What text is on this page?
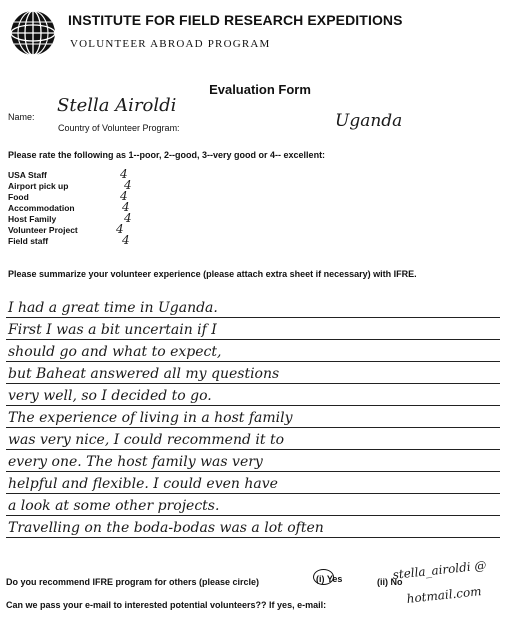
INSTITUTE FOR FIELD RESEARCH EXPEDITIONS
VOLUNTEER ABROAD PROGRAM
Evaluation Form
Name:
Stella Airoldi
Country of Volunteer Program:	Uganda
Please rate the following as 1--poor, 2--good, 3--very good or 4-- excellent:
USA Staff	4
Airport pick up	4
Food	4
Accommodation	4
Host Family	4
Volunteer Project	4
Field staff	4
Please summarize your volunteer experience (please attach extra sheet if necessary) with IFRE.
I had a great time in Uganda.
First I was a bit uncertain if I
should go and what to expect,
but Baheat answered all my questions
very well, so I decided to go.
The experience of living in a host family
was very nice, I could recommend it to
every one. The host family was very
helpful and flexible. I could even have
a look at some other projects.
Travelling on the boda-bodas was a lot often
Do you recommend IFRE program for others (please circle)	(i) Yes	(ii) No
Can we pass your e-mail to interested potential volunteers?? If yes, e-mail:
stella_airoldi @
hotmail.com
